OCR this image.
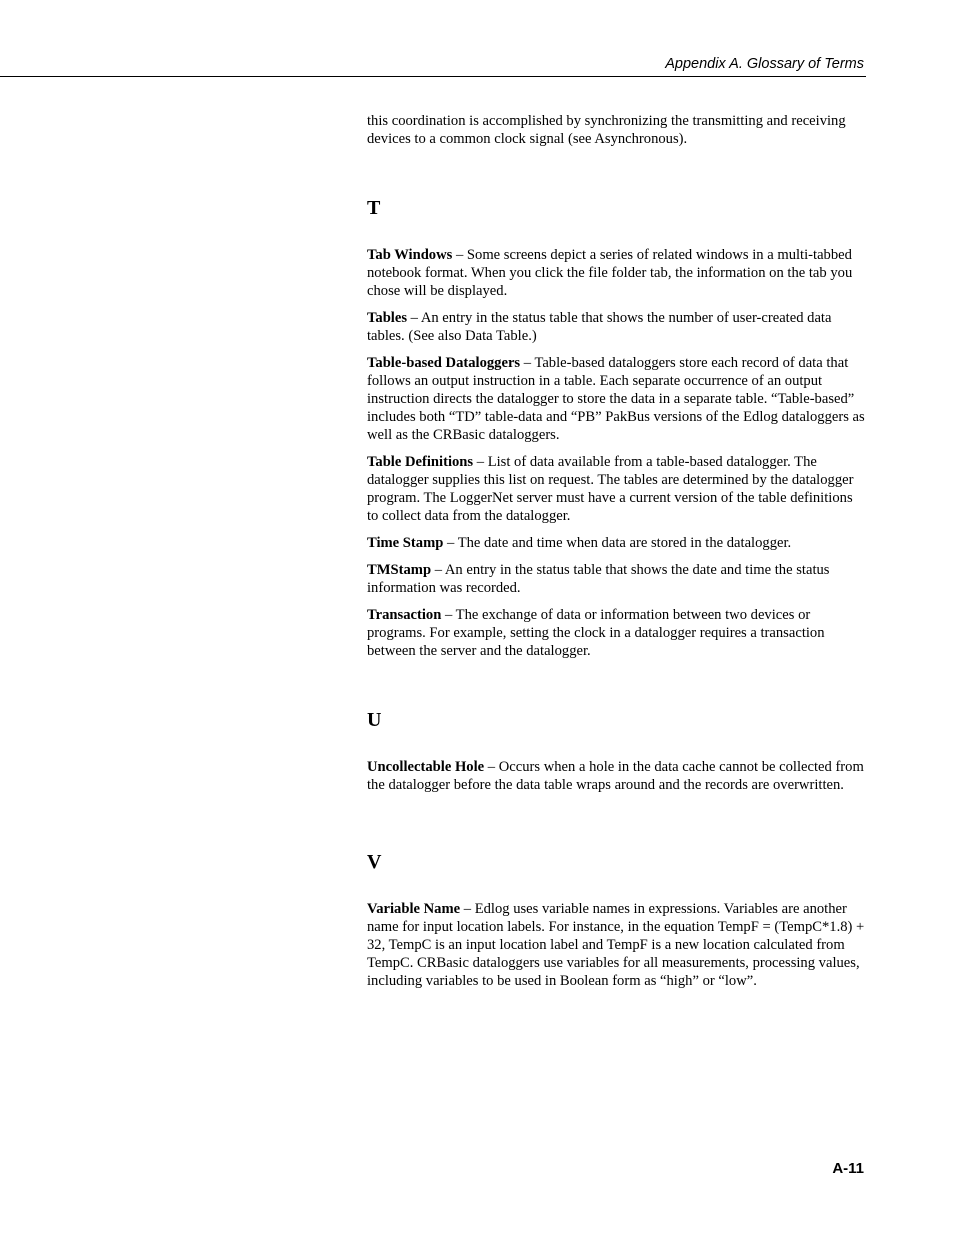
Appendix A. Glossary of Terms

this coordination is accomplished by synchronizing the transmitting and receiving devices to a common clock signal (see Asynchronous).

T

Tab Windows – Some screens depict a series of related windows in a multi-tabbed notebook format. When you click the file folder tab, the information on the tab you chose will be displayed.

Tables – An entry in the status table that shows the number of user-created data tables. (See also Data Table.)

Table-based Dataloggers – Table-based dataloggers store each record of data that follows an output instruction in a table. Each separate occurrence of an output instruction directs the datalogger to store the data in a separate table. “Table-based” includes both “TD” table-data and “PB” PakBus versions of the Edlog dataloggers as well as the CRBasic dataloggers.

Table Definitions – List of data available from a table-based datalogger. The datalogger supplies this list on request. The tables are determined by the datalogger program. The LoggerNet server must have a current version of the table definitions to collect data from the datalogger.

Time Stamp – The date and time when data are stored in the datalogger.

TMStamp – An entry in the status table that shows the date and time the status information was recorded.

Transaction – The exchange of data or information between two devices or programs. For example, setting the clock in a datalogger requires a transaction between the server and the datalogger.

U

Uncollectable Hole – Occurs when a hole in the data cache cannot be collected from the datalogger before the data table wraps around and the records are overwritten.

V

Variable Name – Edlog uses variable names in expressions. Variables are another name for input location labels. For instance, in the equation TempF = (TempC*1.8) + 32, TempC is an input location label and TempF is a new location calculated from TempC. CRBasic dataloggers use variables for all measurements, processing values, including variables to be used in Boolean form as “high” or “low”.

A-11
